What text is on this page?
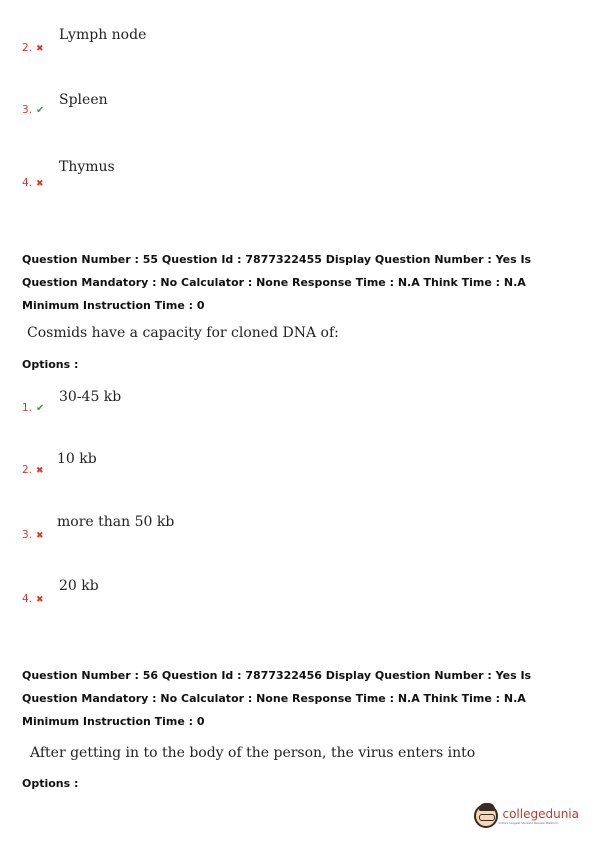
2. ✖
Lymph node
3. ✔
Spleen
4. ✖
Thymus
Question Number : 55 Question Id : 7877322455 Display Question Number : Yes Is Question Mandatory : No Calculator : None Response Time : N.A Think Time : N.A Minimum Instruction Time : 0
Cosmids have a capacity for cloned DNA of:
Options :
1. ✔
30-45 kb
2. ✖
10 kb
3. ✖
more than 50 kb
4. ✖
20 kb
Question Number : 56 Question Id : 7877322456 Display Question Number : Yes Is Question Mandatory : No Calculator : None Response Time : N.A Think Time : N.A Minimum Instruction Time : 0
After getting in to the body of the person, the virus enters into
Options :
collegedunia
India's Largest Student Review Platform
